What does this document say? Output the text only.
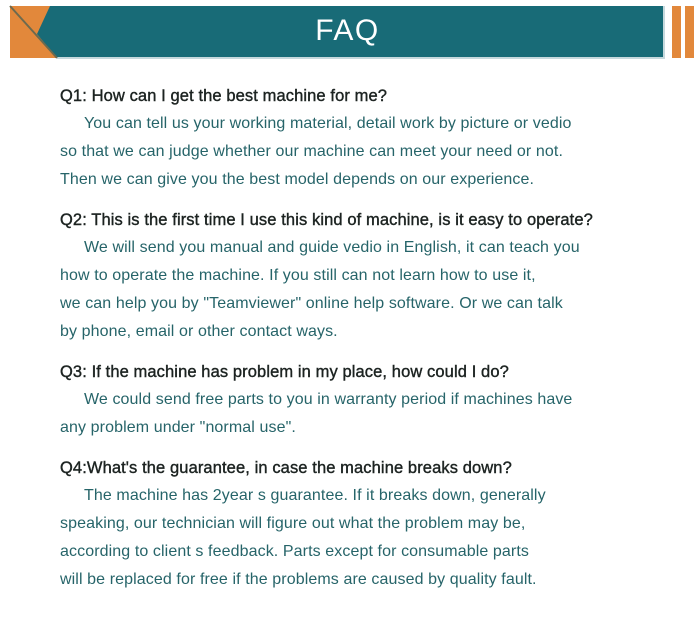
FAQ
Q1: How can I get the best machine for me?
You can tell us your working material, detail work by picture or vedio
so that we can judge whether our machine can meet your need or not.
Then we can give you the best model depends on our experience.
Q2: This is the first time I use this kind of machine, is it easy to operate?
We will send you manual and guide vedio in English, it can teach you
how to operate the machine. If you still can not learn how to use it,
we can help you by "Teamviewer" online help software. Or we can talk
by phone, email or other contact ways.
Q3: If the machine has problem in my place, how could I do?
We could send free parts to you in warranty period if machines have
any problem under "normal use".
Q4:What's the guarantee, in case the machine breaks down?
The machine has 2year s guarantee. If it breaks down, generally
speaking, our technician will figure out what the problem may be,
according to client s feedback. Parts except for consumable parts
will be replaced for free if the problems are caused by quality fault.
